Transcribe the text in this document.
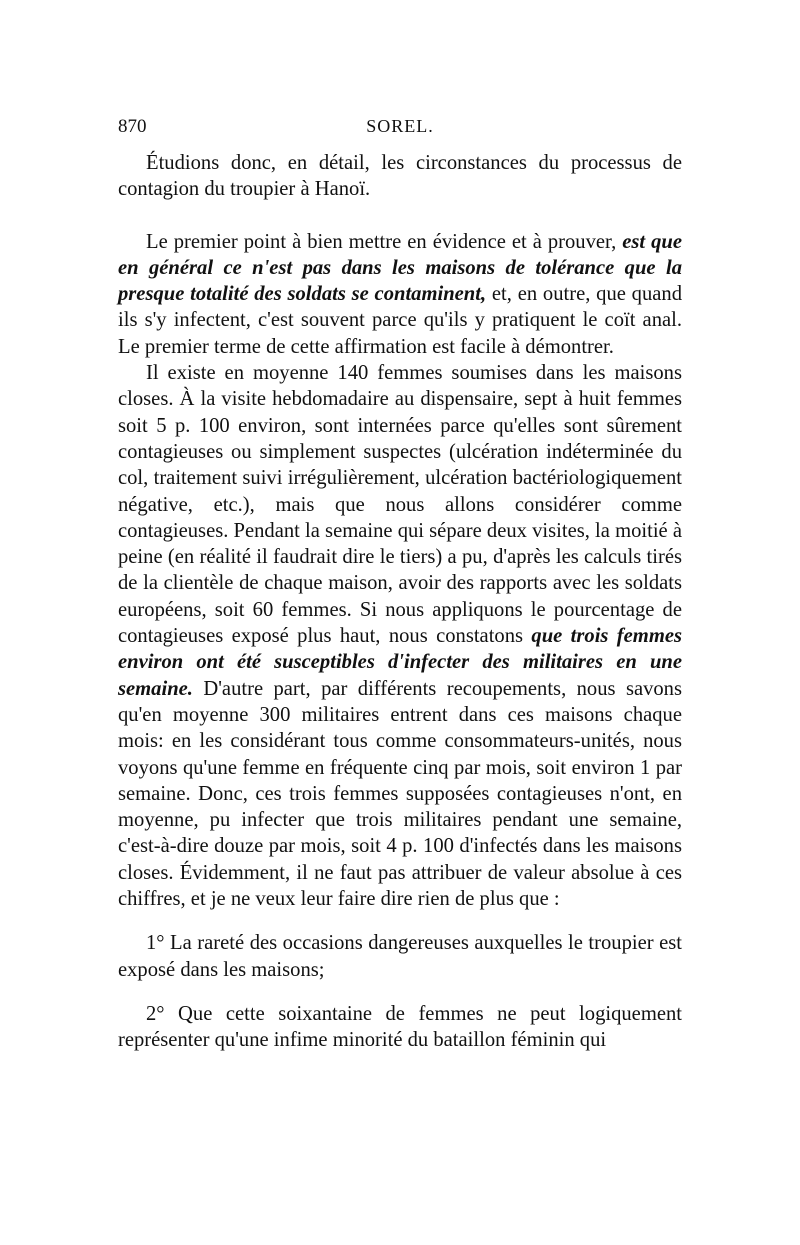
870	SOREL.

Étudions donc, en détail, les circonstances du processus de contagion du troupier à Hanoï.

Le premier point à bien mettre en évidence et à prouver, est que en général ce n'est pas dans les maisons de tolérance que la presque totalité des soldats se contaminent, et, en outre, que quand ils s'y infectent, c'est souvent parce qu'ils y pratiquent le coït anal. Le premier terme de cette affirmation est facile à démontrer.

Il existe en moyenne 140 femmes soumises dans les maisons closes. À la visite hebdomadaire au dispensaire, sept à huit femmes soit 5 p. 100 environ, sont internées parce qu'elles sont sûrement contagieuses ou simplement suspectes (ulcération indéterminée du col, traitement suivi irrégulièrement, ulcération bactériologiquement négative, etc.), mais que nous allons considérer comme contagieuses. Pendant la semaine qui sépare deux visites, la moitié à peine (en réalité il faudrait dire le tiers) a pu, d'après les calculs tirés de la clientèle de chaque maison, avoir des rapports avec les soldats européens, soit 60 femmes. Si nous appliquons le pourcentage de contagieuses exposé plus haut, nous constatons que trois femmes environ ont été susceptibles d'infecter des militaires en une semaine. D'autre part, par différents recoupements, nous savons qu'en moyenne 300 militaires entrent dans ces maisons chaque mois: en les considérant tous comme consommateurs-unités, nous voyons qu'une femme en fréquente cinq par mois, soit environ 1 par semaine. Donc, ces trois femmes supposées contagieuses n'ont, en moyenne, pu infecter que trois militaires pendant une semaine, c'est-à-dire douze par mois, soit 4 p. 100 d'infectés dans les maisons closes. Évidemment, il ne faut pas attribuer de valeur absolue à ces chiffres, et je ne veux leur faire dire rien de plus que :

1° La rareté des occasions dangereuses auxquelles le troupier est exposé dans les maisons;

2° Que cette soixantaine de femmes ne peut logiquement représenter qu'une infime minorité du bataillon féminin qui
